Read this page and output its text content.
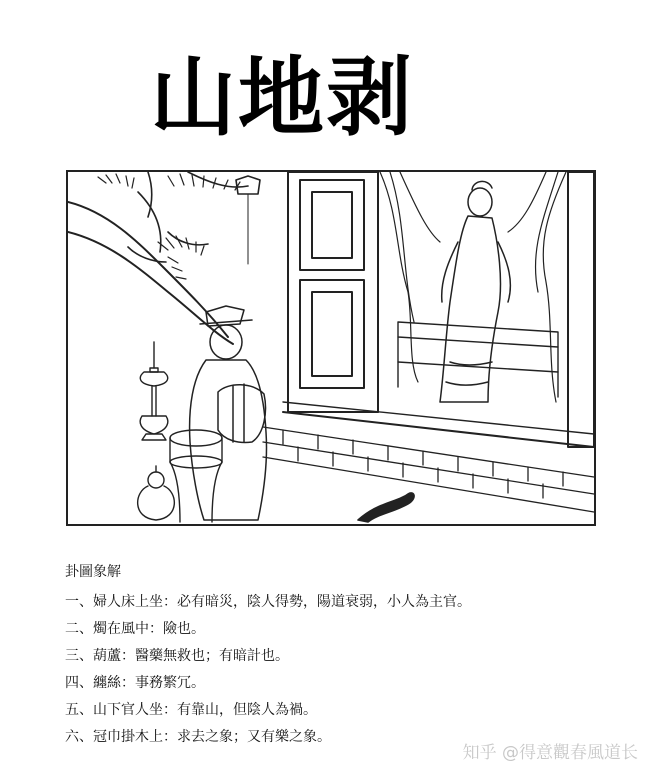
山地剥
卦圖象解
一、婦人床上坐：必有暗災，陰人得勢，陽道衰弱，小人為主官。
二、燭在風中：險也。
三、葫蘆：醫藥無救也；有暗計也。
四、纏絲：事務繁冗。
五、山下官人坐：有靠山，但陰人為禍。
六、冠巾掛木上：求去之象；又有樂之象。
知乎 @得意觀春風道长
